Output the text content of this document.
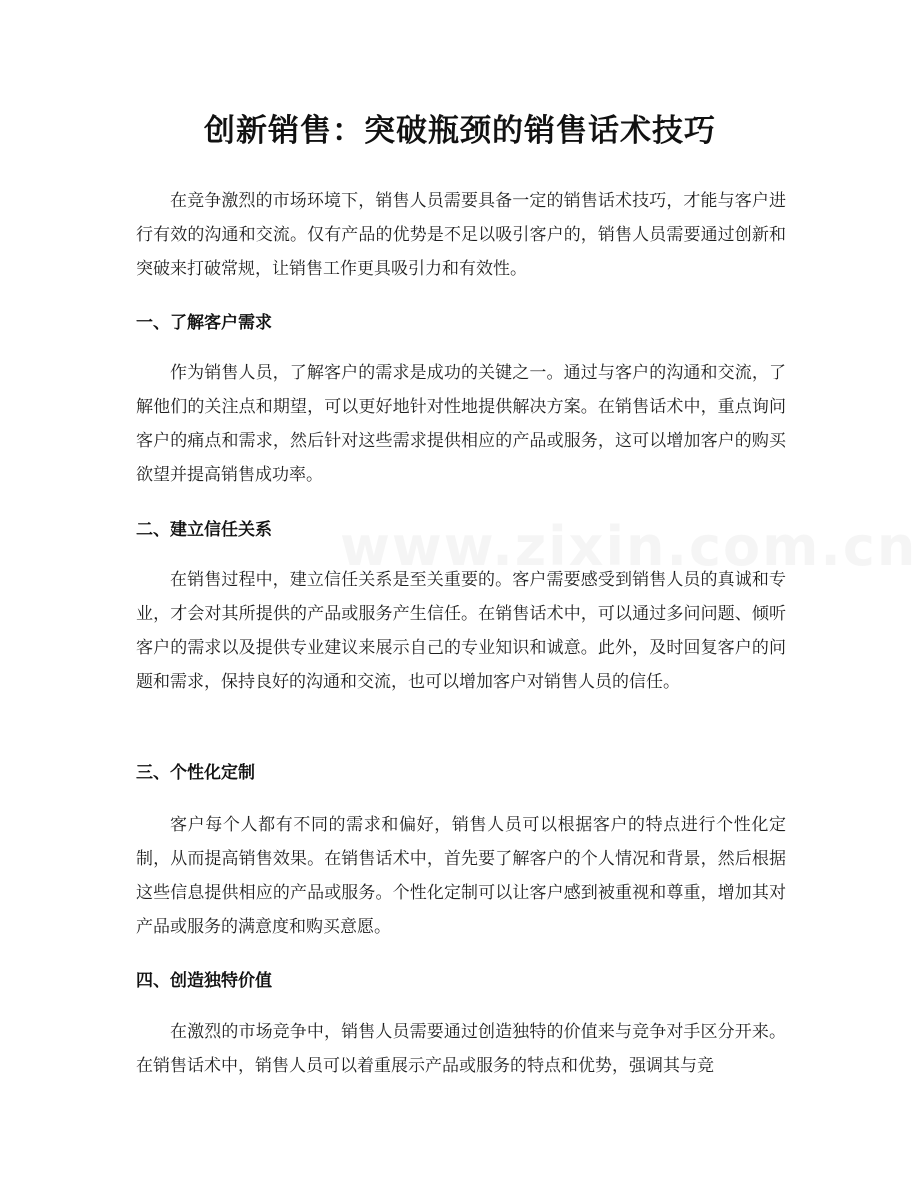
www.zixin.com.cn
创新销售：突破瓶颈的销售话术技巧

在竞争激烈的市场环境下，销售人员需要具备一定的销售话术技巧，才能与客户进行有效的沟通和交流。仅有产品的优势是不足以吸引客户的，销售人员需要通过创新和突破来打破常规，让销售工作更具吸引力和有效性。

一、了解客户需求

作为销售人员，了解客户的需求是成功的关键之一。通过与客户的沟通和交流，了解他们的关注点和期望，可以更好地针对性地提供解决方案。在销售话术中，重点询问客户的痛点和需求，然后针对这些需求提供相应的产品或服务，这可以增加客户的购买欲望并提高销售成功率。

二、建立信任关系

在销售过程中，建立信任关系是至关重要的。客户需要感受到销售人员的真诚和专业，才会对其所提供的产品或服务产生信任。在销售话术中，可以通过多问问题、倾听客户的需求以及提供专业建议来展示自己的专业知识和诚意。此外，及时回复客户的问题和需求，保持良好的沟通和交流，也可以增加客户对销售人员的信任。

三、个性化定制

客户每个人都有不同的需求和偏好，销售人员可以根据客户的特点进行个性化定制，从而提高销售效果。在销售话术中，首先要了解客户的个人情况和背景，然后根据这些信息提供相应的产品或服务。个性化定制可以让客户感到被重视和尊重，增加其对产品或服务的满意度和购买意愿。

四、创造独特价值

在激烈的市场竞争中，销售人员需要通过创造独特的价值来与竞争对手区分开来。在销售话术中，销售人员可以着重展示产品或服务的特点和优势，强调其与竞
